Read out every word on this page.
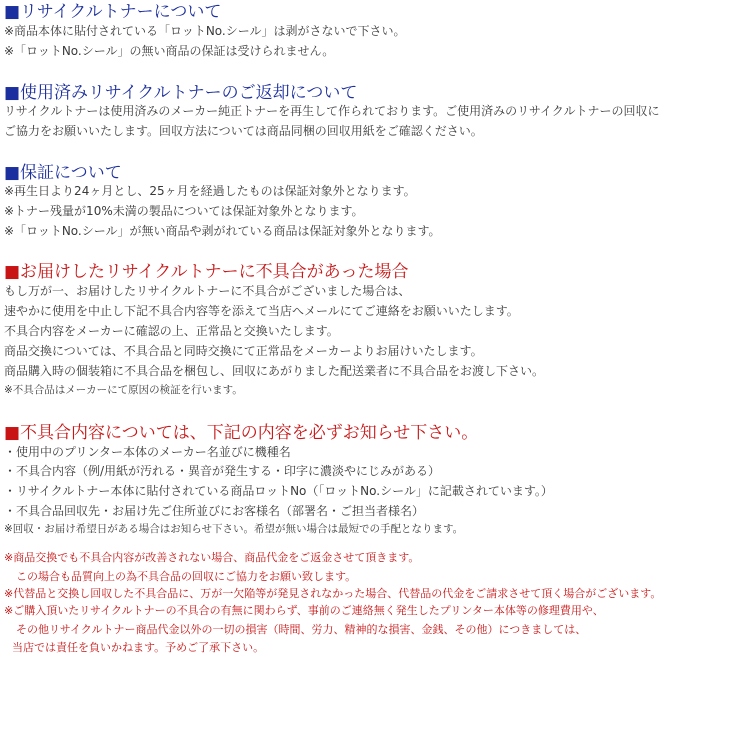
■リサイクルトナーについて
※商品本体に貼付されている「ロットNo.シール」は剥がさないで下さい。
※「ロットNo.シール」の無い商品の保証は受けられません。
■使用済みリサイクルトナーのご返却について
リサイクルトナーは使用済みのメーカー純正トナーを再生して作られております。ご使用済みのリサイクルトナーの回収に
ご協力をお願いいたします。回収方法については商品同梱の回収用紙をご確認ください。
■保証について
※再生日より24ヶ月とし、25ヶ月を経過したものは保証対象外となります。
※トナー残量が10%未満の製品については保証対象外となります。
※「ロットNo.シール」が無い商品や剥がれている商品は保証対象外となります。
■お届けしたリサイクルトナーに不具合があった場合
もし万が一、お届けしたリサイクルトナーに不具合がございました場合は、
速やかに使用を中止し下記不具合内容等を添えて当店へメールにてご連絡をお願いいたします。
不具合内容をメーカーに確認の上、正常品と交換いたします。
商品交換については、不具合品と同時交換にて正常品をメーカーよりお届けいたします。
商品購入時の個装箱に不具合品を梱包し、回収にあがりました配送業者に不具合品をお渡し下さい。
※不具合品はメーカーにて原因の検証を行います。
■不具合内容については、下記の内容を必ずお知らせ下さい。
・使用中のプリンター本体のメーカー名並びに機種名
・不具合内容（例/用紙が汚れる・異音が発生する・印字に濃淡やにじみがある）
・リサイクルトナー本体に貼付されている商品ロットNo（「ロットNo.シール」に記載されています。）
・不具合品回収先・お届け先ご住所並びにお客様名（部署名・ご担当者様名）
※回収・お届け希望日がある場合はお知らせ下さい。希望が無い場合は最短での手配となります。
※商品交換でも不具合内容が改善されない場合、商品代金をご返金させて頂きます。
この場合も品質向上の為不具合品の回収にご協力をお願い致します。
※代替品と交換し回収した不具合品に、万が一欠陥等が発見されなかった場合、代替品の代金をご請求させて頂く場合がございます。
※ご購入頂いたリサイクルトナーの不具合の有無に関わらず、事前のご連絡無く発生したプリンター本体等の修理費用や、
その他リサイクルトナー商品代金以外の一切の損害（時間、労力、精神的な損害、金銭、その他）につきましては、
当店では責任を負いかねます。予めご了承下さい。
